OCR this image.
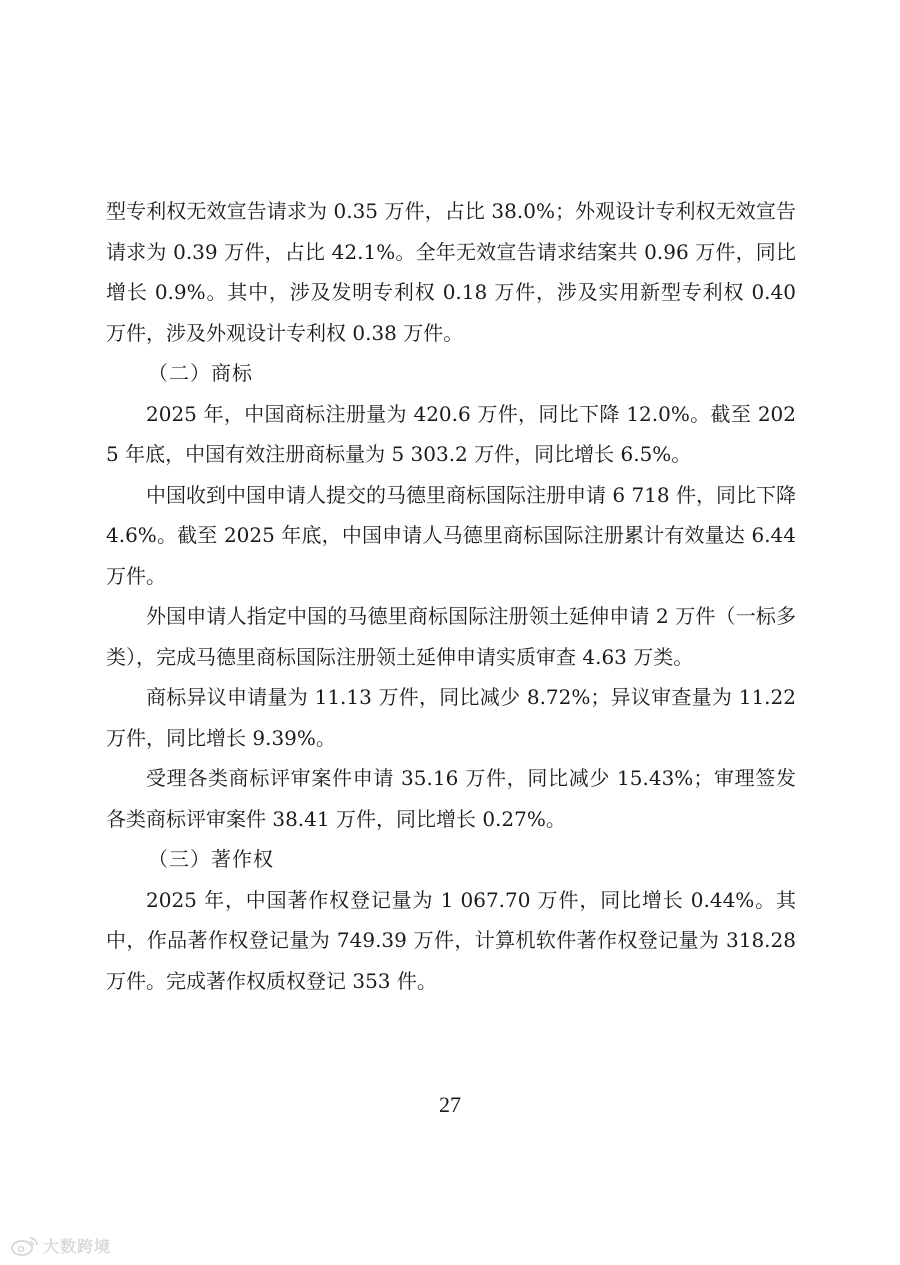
型专利权无效宣告请求为 0.35 万件，占比 38.0%；外观设计专利权无效宣告请求为 0.39 万件，占比 42.1%。全年无效宣告请求结案共 0.96 万件，同比增长 0.9%。其中，涉及发明专利权 0.18 万件，涉及实用新型专利权 0.40 万件，涉及外观设计专利权 0.38 万件。

（二）商标

2025 年，中国商标注册量为 420.6 万件，同比下降 12.0%。截至 2025 年底，中国有效注册商标量为 5 303.2 万件，同比增长 6.5%。

中国收到中国申请人提交的马德里商标国际注册申请 6 718 件，同比下降 4.6%。截至 2025 年底，中国申请人马德里商标国际注册累计有效量达 6.44 万件。

外国申请人指定中国的马德里商标国际注册领土延伸申请 2 万件（一标多类），完成马德里商标国际注册领土延伸申请实质审查 4.63 万类。

商标异议申请量为 11.13 万件，同比减少 8.72%；异议审查量为 11.22 万件，同比增长 9.39%。

受理各类商标评审案件申请 35.16 万件，同比减少 15.43%；审理签发各类商标评审案件 38.41 万件，同比增长 0.27%。

（三）著作权

2025 年，中国著作权登记量为 1 067.70 万件，同比增长 0.44%。其中，作品著作权登记量为 749.39 万件，计算机软件著作权登记量为 318.28 万件。完成著作权质权登记 353 件。

27
大数跨境
